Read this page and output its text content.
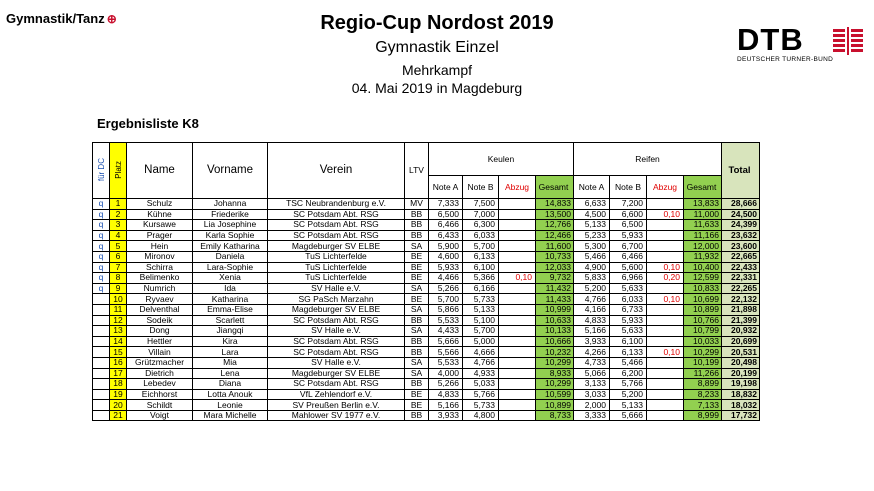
Gymnastik/Tanz ⊕	Regio-Cup Nordost 2019
Gymnastik Einzel
Mehrkampf
04. Mai 2019 in Magdeburg
DTB
DEUTSCHER TURNER-BUND
Ergebnisliste K8
für DC	Platz	Name	Vorname	Verein	LTV	Keulen				Reifen				Total
						Note A	Note B	Abzug	Gesamt	Note A	Note B	Abzug	Gesamt	
q	1	Schulz	Johanna	TSC Neubrandenburg e.V.	MV	7,333	7,500		14,833	6,633	7,200		13,833	28,666
q	2	Kühne	Friederike	SC Potsdam Abt. RSG	BB	6,500	7,000		13,500	4,500	6,600	0,10	11,000	24,500
q	3	Kursawe	Lia Josephine	SC Potsdam Abt. RSG	BB	6,466	6,300		12,766	5,133	6,500		11,633	24,399
q	4	Prager	Karla Sophie	SC Potsdam Abt. RSG	BB	6,433	6,033		12,466	5,233	5,933		11,166	23,632
q	5	Hein	Emily Katharina	Magdeburger SV ELBE	SA	5,900	5,700		11,600	5,300	6,700		12,000	23,600
q	6	Mironov	Daniela	TuS Lichterfelde	BE	4,600	6,133		10,733	5,466	6,466		11,932	22,665
q	7	Schirra	Lara-Sophie	TuS Lichterfelde	BE	5,933	6,100		12,033	4,900	5,600	0,10	10,400	22,433
q	8	Belimenko	Xenia	TuS Lichterfelde	BE	4,466	5,366	0,10	9,732	5,833	6,966	0,20	12,599	22,331
q	9	Numrich	Ida	SV Halle e.V.	SA	5,266	6,166		11,432	5,200	5,633		10,833	22,265
	10	Ryvaev	Katharina	SG PaSch Marzahn	BE	5,700	5,733		11,433	4,766	6,033	0,10	10,699	22,132
	11	Delventhal	Emma-Elise	Magdeburger SV ELBE	SA	5,866	5,133		10,999	4,166	6,733		10,899	21,898
	12	Sodeik	Scarlett	SC Potsdam Abt. RSG	BB	5,533	5,100		10,633	4,833	5,933		10,766	21,399
	13	Dong	Jiangqi	SV Halle e.V.	SA	4,433	5,700		10,133	5,166	5,633		10,799	20,932
	14	Hettler	Kira	SC Potsdam Abt. RSG	BB	5,666	5,000		10,666	3,933	6,100		10,033	20,699
	15	Villain	Lara	SC Potsdam Abt. RSG	BB	5,566	4,666		10,232	4,266	6,133	0,10	10,299	20,531
	16	Grützmacher	Mia	SV Halle e.V.	SA	5,533	4,766		10,299	4,733	5,466		10,199	20,498
	17	Dietrich	Lena	Magdeburger SV ELBE	SA	4,000	4,933		8,933	5,066	6,200		11,266	20,199
	18	Lebedev	Diana	SC Potsdam Abt. RSG	BB	5,266	5,033		10,299	3,133	5,766		8,899	19,198
	19	Eichhorst	Lotta Anouk	VfL Zehlendorf e.V.	BE	4,833	5,766		10,599	3,033	5,200		8,233	18,832
	20	Schildt	Leonie	SV Preußen Berlin e.V.	BE	5,166	5,733		10,899	2,000	5,133		7,133	18,032
	21	Voigt	Mara Michelle	Mahlower SV 1977 e.V.	BB	3,933	4,800		8,733	3,333	5,666		8,999	17,732
